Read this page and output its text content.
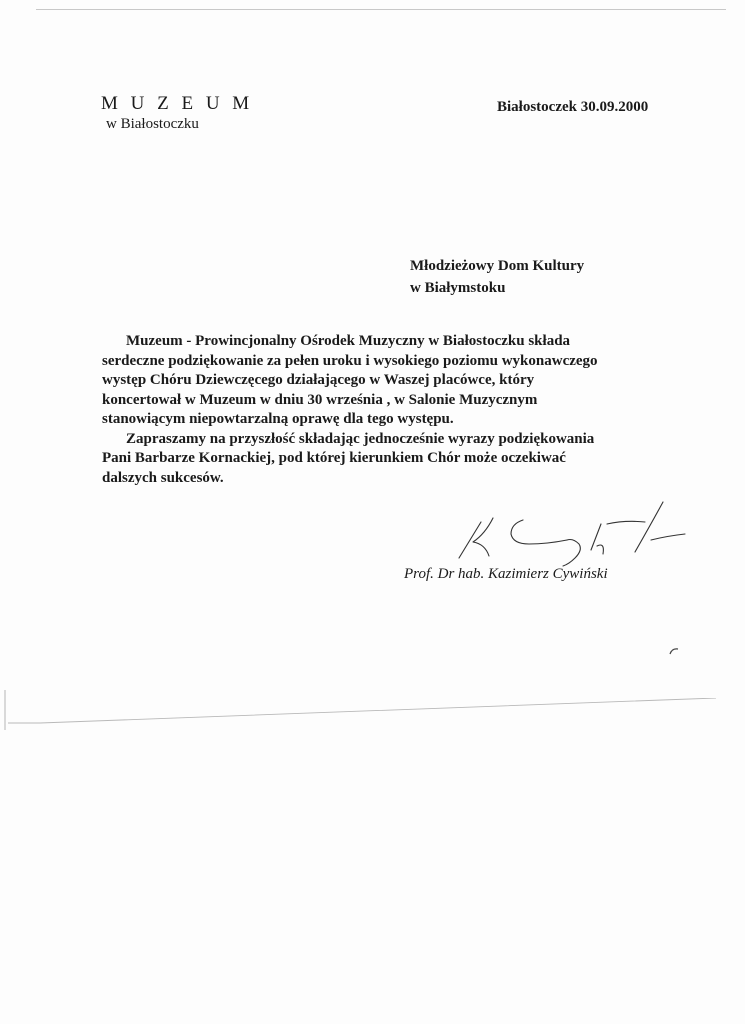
M U Z E U M
w Białostoczku
Białostoczek 30.09.2000
Młodzieżowy Dom Kultury
w Białymstoku
Muzeum - Prowincjonalny Ośrodek Muzyczny w Białostoczku składa
serdeczne podziękowanie za pełen uroku i wysokiego poziomu wykonawczego
występ Chóru Dziewczęcego działającego w Waszej placówce, który
koncertował w Muzeum w dniu 30 września , w Salonie Muzycznym
stanowiącym niepowtarzalną oprawę dla tego występu.
Zapraszamy na przyszłość składając jednocześnie wyrazy podziękowania
Pani Barbarze Kornackiej, pod której kierunkiem Chór może oczekiwać
dalszych sukcesów.
Prof. Dr hab. Kazimierz Cywiński
